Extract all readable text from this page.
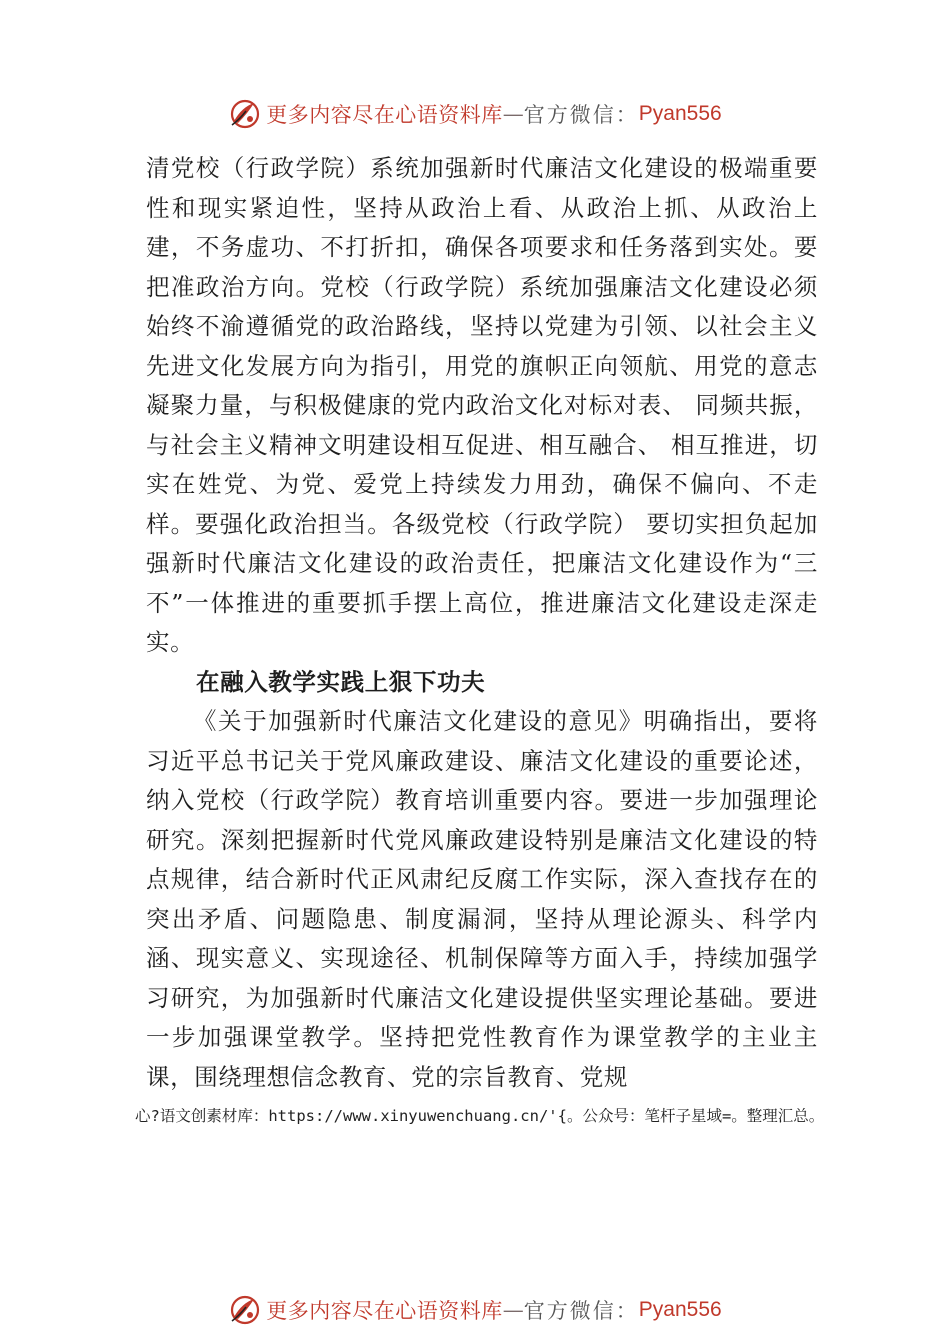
更多内容尽在心语资料库 — 官方微信： Pyan556

清党校（行政学院）系统加强新时代廉洁文化建设的极端重要性和现实紧迫性，坚持从政治上看、从政治上抓、从政治上建，不务虚功、不打折扣，确保各项要求和任务落到实处。要把准政治方向。党校（行政学院）系统加强廉洁文化建设必须始终不渝遵循党的政治路线，坚持以党建为引领、以社会主义先进文化发展方向为指引，用党的旗帜正向领航、用党的意志凝聚力量，与积极健康的党内政治文化对标对表、 同频共振，与社会主义精神文明建设相互促进、相互融合、 相互推进，切实在姓党、为党、爱党上持续发力用劲，确保不偏向、不走样。要强化政治担当。各级党校（行政学院） 要切实担负起加强新时代廉洁文化建设的政治责任，把廉洁文化建设作为“三不”一体推进的重要抓手摆上高位，推进廉洁文化建设走深走实。

在融入教学实践上狠下功夫

《关于加强新时代廉洁文化建设的意见》明确指出，要将习近平总书记关于党风廉政建设、廉洁文化建设的重要论述，纳入党校（行政学院）教育培训重要内容。要进一步加强理论研究。深刻把握新时代党风廉政建设特别是廉洁文化建设的特点规律，结合新时代正风肃纪反腐工作实际，深入查找存在的突出矛盾、问题隐患、制度漏洞，坚持从理论源头、科学内涵、现实意义、实现途径、机制保障等方面入手，持续加强学习研究，为加强新时代廉洁文化建设提供坚实理论基础。要进一步加强课堂教学。坚持把党性教育作为课堂教学的主业主课，围绕理想信念教育、党的宗旨教育、党规

心?语文创素材库：https://www.xinyuwenchuang.cn/'{。公众号：笔杆子星域=。整理汇总。
更多内容尽在心语资料库 — 官方微信： Pyan556
